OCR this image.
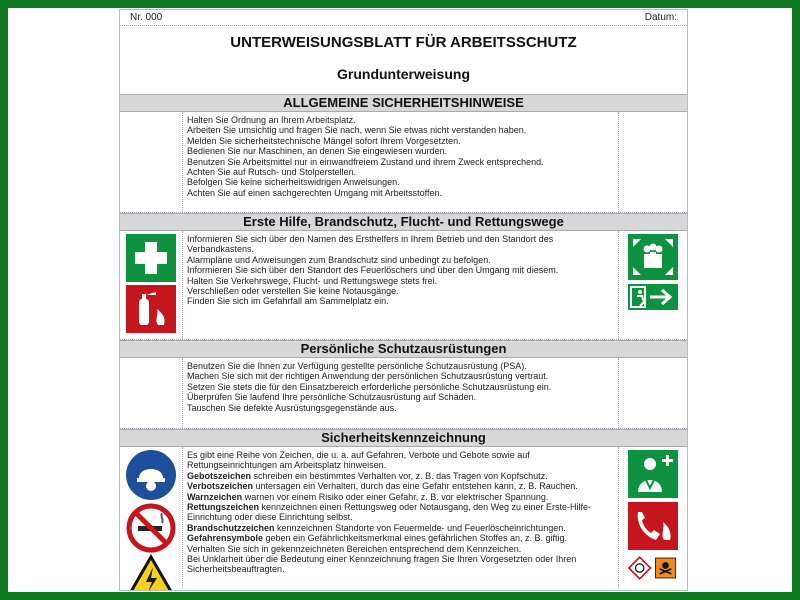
Nr. 000	Datum:
UNTERWEISUNGSBLATT FÜR ARBEITSSCHUTZ
Grundunterweisung
ALLGEMEINE SICHERHEITSHINWEISE

Halten Sie Ordnung an Ihrem Arbeitsplatz.

Arbeiten Sie umsichtig und fragen Sie nach, wenn Sie etwas nicht verstanden haben.

Melden Sie sicherheitstechnische Mängel sofort Ihrem Vorgesetzten.

Bedienen Sie nur Maschinen, an denen Sie eingewiesen wurden.

Benutzen Sie Arbeitsmittel nur in einwandfreiem Zustand und ihrem Zweck entsprechend.

Achten Sie auf Rutsch- und Stolperstellen.

Befolgen Sie keine sicherheitswidrigen Anweisungen.

Achten Sie auf einen sachgerechten Umgang mit Arbeitsstoffen.

Erste Hilfe, Brandschutz, Flucht- und Rettungswege

Informieren Sie sich über den Namen des Ersthelfers in Ihrem Betrieb und den Standort des Verbandkastens.

Alarmpläne und Anweisungen zum Brandschutz sind unbedingt zu befolgen.

Informieren Sie sich über den Standort des Feuerlöschers und über den Umgang mit diesem.

Halten Sie Verkehrswege, Flucht- und Rettungswege stets frei.

Verschließen oder verstellen Sie keine Notausgänge.

Finden Sie sich im Gefahrfall am Sammelplatz ein.

Persönliche Schutzausrüstungen

Benutzen Sie die Ihnen zur Verfügung gestellte persönliche Schutzausrüstung (PSA).

Machen Sie sich mit der richtigen Anwendung der persönlichen Schutzausrüstung vertraut.

Setzen Sie stets die für den Einsatzbereich erforderliche persönliche Schutzausrüstung ein.

Überprüfen Sie laufend Ihre persönliche Schutzausrüstung auf Schäden.

Tauschen Sie defekte Ausrüstungsgegenstände aus.

Sicherheitskennzeichnung

Es gibt eine Reihe von Zeichen, die u. a. auf Gefahren, Verbote und Gebote sowie auf Rettungseinrichtungen am Arbeitsplatz hinweisen.

Gebotszeichen schreiben ein bestimmtes Verhalten vor, z. B. das Tragen von Kopfschutz.

Verbotszeichen untersagen ein Verhalten, durch das eine Gefahr entstehen kann, z. B. Rauchen.

Warnzeichen warnen vor einem Risiko oder einer Gefahr, z. B. vor elektrischer Spannung.

Rettungszeichen kennzeichnen einen Rettungsweg oder Notausgang, den Weg zu einer Erste-Hilfe-Einrichtung oder diese Einrichtung selbst.

Brandschutzzeichen kennzeichnen Standorte von Feuermelde- und Feuerlöscheinrichtungen.

Gefahrensymbole geben ein Gefährlichkeitsmerkmal eines gefährlichen Stoffes an, z. B. giftig.

Verhalten Sie sich in gekennzeichneten Bereichen entsprechend dem Kennzeichen.

Bei Unklarheit über die Bedeutung einer Kennzeichnung fragen Sie Ihren Vorgesetzten oder Ihren Sicherheitsbeauftragten.
